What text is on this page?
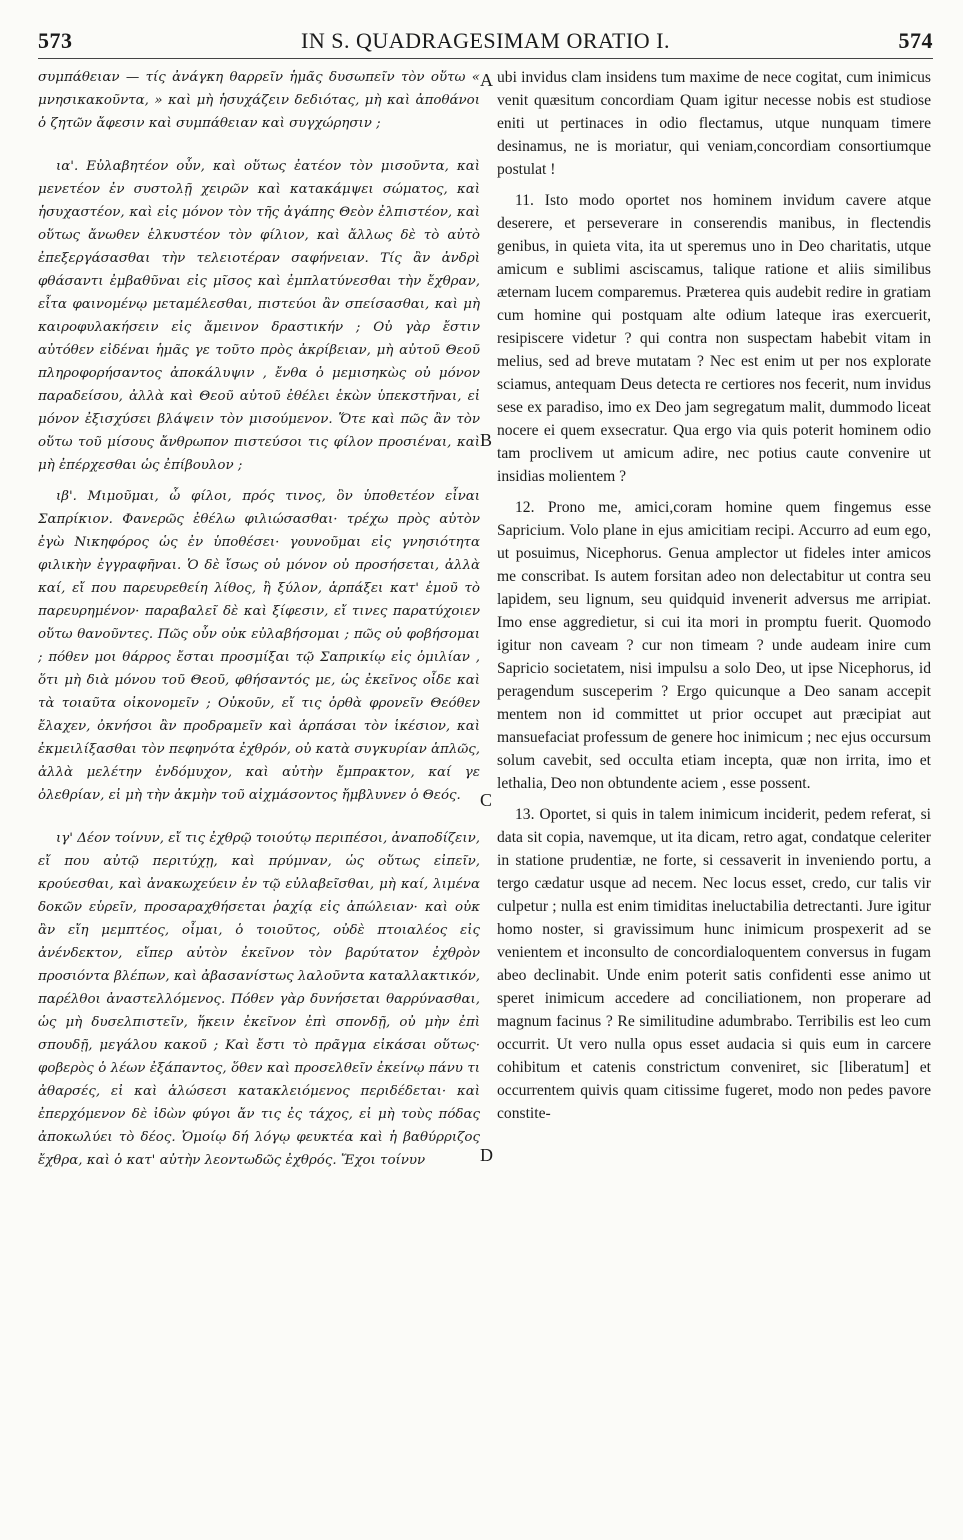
573	IN S. QUADRAGESIMAM ORATIO I.	574

συμπάθειαν — τίς ἀνάγκη θαρρεῖν ἡμᾶς δυσωπεῖν τὸν οὕτω « μνησικακοῦντα, » καὶ μὴ ἡσυχάζειν δεδιότας, μὴ καὶ ἀποθάνοι ὁ ζητῶν ἄφεσιν καὶ συμπάθειαν καὶ συγχώρησιν ;

ια'. Εὐλαβητέον οὖν, καὶ οὕτως ἐατέον τὸν μισοῦντα, καὶ μενετέον ἐν συστολῇ χειρῶν καὶ κατακάμψει σώματος, καὶ ἡσυχαστέον, καὶ εἰς μόνον τὸν τῆς ἀγάπης Θεὸν ἐλπιστέον, καὶ οὕτως ἄνωθεν ἑλκυστέον τὸν φίλιον, καὶ ἄλλως δὲ τὸ αὐτὸ ἐπεξεργάσασθαι τὴν τελειοτέραν σαφήνειαν. Τίς ἂν ἀνδρὶ φθάσαντι ἐμβαθῦναι εἰς μῖσος καὶ ἐμπλατύνεσθαι τὴν ἔχθραν, εἶτα φαινομένῳ μεταμέλεσθαι, πιστεύοι ἂν σπείσασθαι, καὶ μὴ καιροφυλακήσειν εἰς ἄμεινον δραστικήν ; Οὐ γὰρ ἔστιν αὐτόθεν εἰδέναι ἡμᾶς γε τοῦτο πρὸς ἀκρίβειαν, μὴ αὐτοῦ Θεοῦ πληροφορήσαντος ἀποκάλυψιν , ἔνθα ὁ μεμισηκὼς οὐ μόνον παραδείσου, ἀλλὰ καὶ Θεοῦ αὐτοῦ ἐθέλει ἑκὼν ὑπεκστῆναι, εἰ μόνον ἐξισχύσει βλάψειν τὸν μισούμενον. Ὅτε καὶ πῶς ἂν τὸν οὕτω τοῦ μίσους ἄνθρωπον πιστεύσοι τις φίλον προσιέναι, καὶ μὴ ἐπέρχεσθαι ὡς ἐπίβουλον ;

ιβ'. Μιμοῦμαι, ὦ φίλοι, πρός τινος, ὃν ὑποθετέον εἶναι Σαπρίκιον. Φανερῶς ἐθέλω φιλιώσασθαι· τρέχω πρὸς αὐτὸν ἐγὼ Νικηφόρος ὡς ἐν ὑποθέσει· γουνοῦμαι εἰς γνησιότητα φιλικὴν ἐγγραφῆναι. Ὁ δὲ ἴσως οὐ μόνον οὐ προσήσεται, ἀλλὰ καί, εἴ που παρευρεθείη λίθος, ἢ ξύλον, ἁρπάξει κατ' ἐμοῦ τὸ παρευρημένον· παραβαλεῖ δὲ καὶ ξίφεσιν, εἴ τινες παρατύχοιεν οὕτω θανοῦντες. Πῶς οὖν οὐκ εὐλαβήσομαι ; πῶς οὐ φοβήσομαι ; πόθεν μοι θάρρος ἔσται προσμίξαι τῷ Σαπρικίῳ εἰς ὁμιλίαν , ὅτι μὴ διὰ μόνου τοῦ Θεοῦ, φθήσαντός με, ὡς ἐκεῖνος οἶδε καὶ τὰ τοιαῦτα οἰκονομεῖν ; Οὐκοῦν, εἴ τις ὀρθὰ φρονεῖν Θεόθεν ἔλαχεν, ὀκνήσοι ἂν προδραμεῖν καὶ ἁρπάσαι τὸν ἱκέσιον, καὶ ἐκμειλίξασθαι τὸν πεφηνότα ἐχθρόν, οὐ κατὰ συγκυρίαν ἁπλῶς, ἀλλὰ μελέτην ἐνδόμυχον, καὶ αὐτὴν ἔμπρακτον, καί γε ὀλεθρίαν, εἰ μὴ τὴν ἀκμὴν τοῦ αἰχμάσοντος ἤμβλυνεν ὁ Θεός.

ιγ' Δέον τοίνυν, εἴ τις ἐχθρῷ τοιούτῳ περιπέσοι, ἀναποδίζειν, εἴ που αὐτῷ περιτύχῃ, καὶ πρύμναν, ὡς οὕτως εἰπεῖν, κρούεσθαι, καὶ ἀνακωχεύειν ἐν τῷ εὐλαβεῖσθαι, μὴ καί, λιμένα δοκῶν εὑρεῖν, προσαραχθήσεται ῥαχίᾳ εἰς ἀπώλειαν· καὶ οὐκ ἂν εἴη μεμπτέος, οἶμαι, ὁ τοιοῦτος, οὐδὲ πτοιαλέος εἰς ἀνένδεκτον, εἴπερ αὐτὸν ἐκεῖνον τὸν βαρύτατον ἐχθρὸν προσιόντα βλέπων, καὶ ἀβασανίστως λαλοῦντα καταλλακτικόν, παρέλθοι ἀναστελλόμενος. Πόθεν γὰρ δυνήσεται θαρρύνασθαι, ὡς μὴ δυσελπιστεῖν, ἥκειν ἐκεῖνον ἐπὶ σπονδῇ, οὐ μὴν ἐπὶ σπουδῇ, μεγάλου κακοῦ ; Καὶ ἔστι τὸ πρᾶγμα εἰκάσαι οὕτως· φοβερὸς ὁ λέων ἐξάπαντος, ὅθεν καὶ προσελθεῖν ἐκείνῳ πάνυ τι ἀθαρσές, εἰ καὶ ἁλώσεσι κατακλειόμενος περιδέδεται· καὶ ἐπερχόμενον δὲ ἰδὼν φύγοι ἄν τις ἐς τάχος, εἰ μὴ τοὺς πόδας ἀποκωλύει τὸ δέος. Ὁμοίῳ δή λόγῳ φευκτέα καὶ ἡ βαθύρριζος ἔχθρα, καὶ ὁ κατ' αὐτὴν λεοντωδῶς ἐχθρός. Ἔχοι τοίνυν

A
B
C
D

ubi invidus clam insidens tum maxime de nece cogitat, cum inimicus venit quæsitum concordiam Quam igitur necesse nobis est studiose eniti ut pertinaces in odio flectamus, utque nunquam timere desinamus, ne is moriatur, qui veniam,concordiam consortiumque postulat !

11. Isto modo oportet nos hominem invidum cavere atque deserere, et perseverare in conserendis manibus, in flectendis genibus, in quieta vita, ita ut speremus uno in Deo charitatis, utque amicum e sublimi asciscamus, talique ratione et aliis similibus æternam lucem comparemus. Præterea quis audebit redire in gratiam cum homine qui postquam alte odium lateque iras exercuerit, resipiscere videtur ? qui contra non suspectam habebit vitam in melius, sed ad breve mutatam ? Nec est enim ut per nos explorate sciamus, antequam Deus detecta re certiores nos fecerit, num invidus sese ex paradiso, imo ex Deo jam segregatum malit, dummodo liceat nocere ei quem exsecratur. Qua ergo via quis poterit hominem odio tam proclivem ut amicum adire, nec potius caute convenire ut insidias molientem ?

12. Prono me, amici,coram homine quem fingemus esse Sapricium. Volo plane in ejus amicitiam recipi. Accurro ad eum ego, ut posuimus, Nicephorus. Genua amplector ut fideles inter amicos me conscribat. Is autem forsitan adeo non delectabitur ut contra seu lapidem, seu lignum, seu quidquid invenerit adversus me arripiat. Imo ense aggredietur, si cui ita mori in promptu fuerit. Quomodo igitur non caveam ? cur non timeam ? unde audeam inire cum Sapricio societatem, nisi impulsu a solo Deo, ut ipse Nicephorus, id peragendum susceperim ? Ergo quicunque a Deo sanam accepit mentem non id committet ut prior occupet aut præcipiat aut mansuefaciat professum de genere hoc inimicum ; nec ejus occursum solum cavebit, sed occulta etiam incepta, quæ non irrita, imo et lethalia, Deo non obtundente aciem , esse possent.

13. Oportet, si quis in talem inimicum inciderit, pedem referat, si data sit copia, navemque, ut ita dicam, retro agat, condatque celeriter in statione prudentiæ, ne forte, si cessaverit in inveniendo portu, a tergo cædatur usque ad necem. Nec locus esset, credo, cur talis vir culpetur ; nulla est enim timiditas ineluctabilia detrectanti. Jure igitur homo noster, si gravissimum hunc inimicum prospexerit ad se venientem et inconsulto de concordialoquentem conversus in fugam abeo declinabit. Unde enim poterit satis confidenti esse animo ut speret inimicum accedere ad conciliationem, non properare ad magnum facinus ? Re similitudine adumbrabo. Terribilis est leo cum occurrit. Ut vero nulla opus esset audacia si quis eum in carcere cohibitum et catenis constrictum conveniret, sic [liberatum] et occurrentem quivis quam citissime fugeret, modo non pedes pavore constite-
